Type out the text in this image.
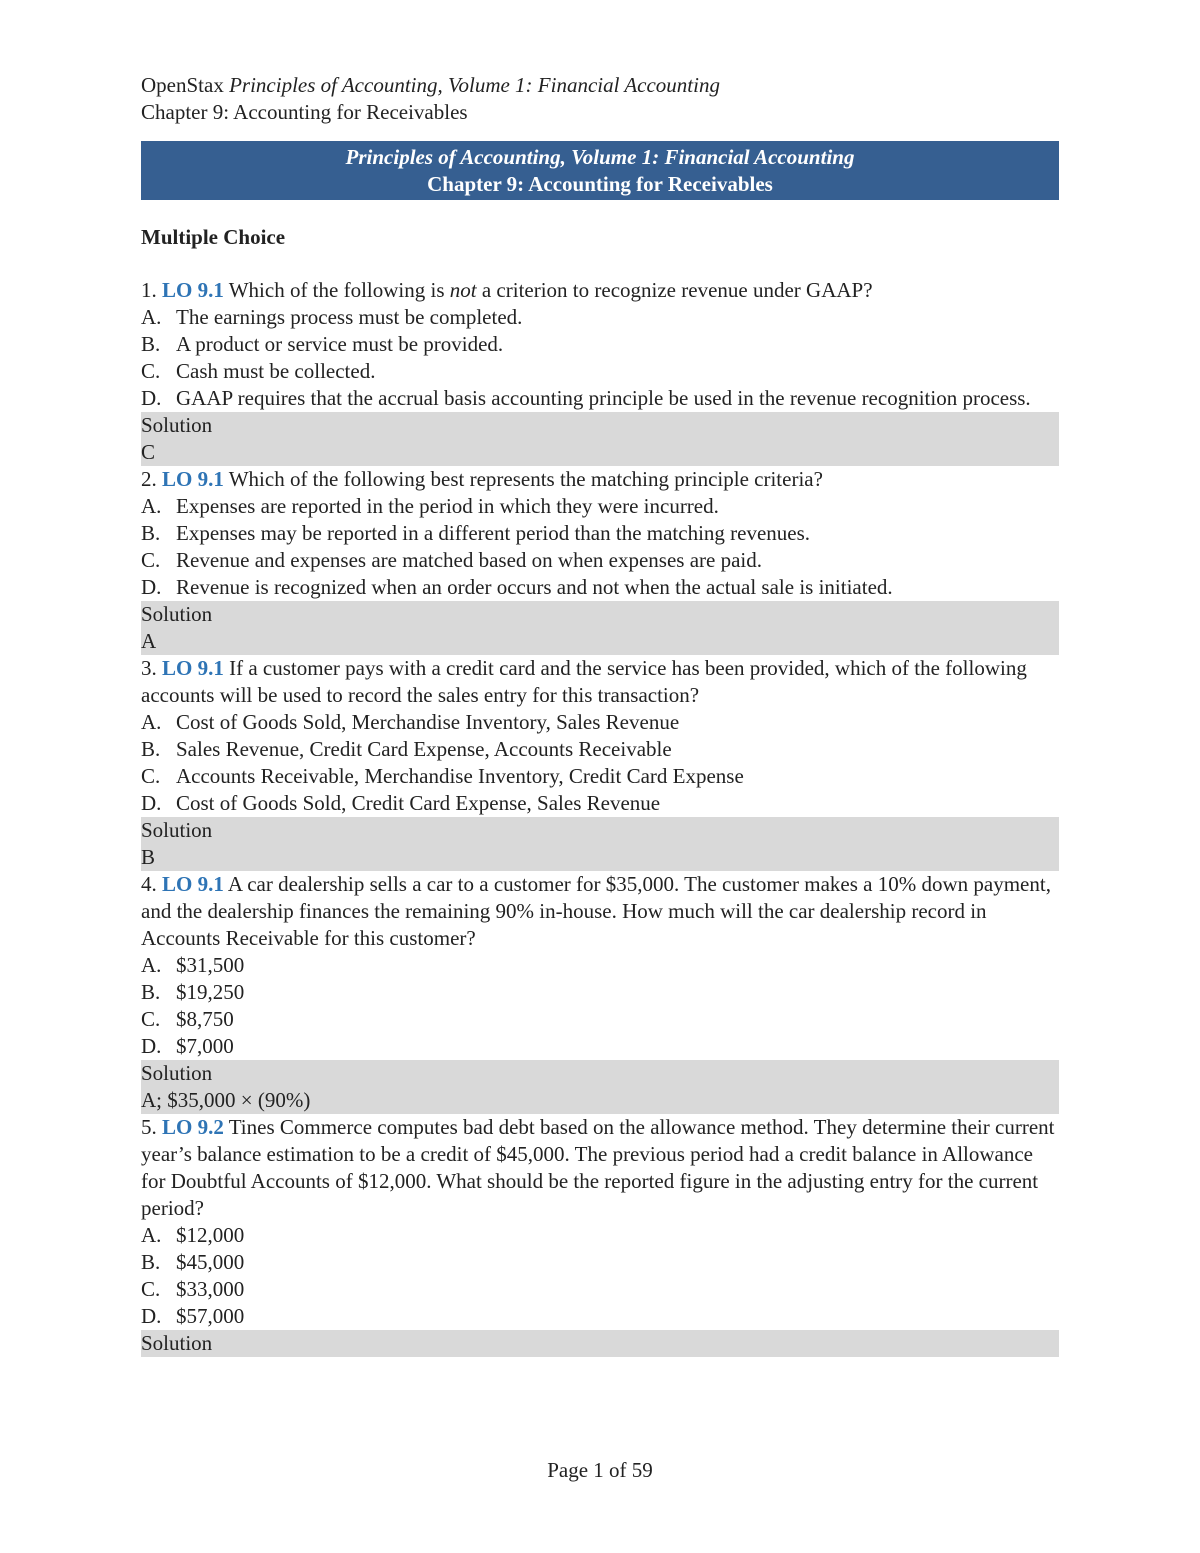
OpenStax Principles of Accounting, Volume 1: Financial Accounting
Chapter 9: Accounting for Receivables
Principles of Accounting, Volume 1: Financial Accounting
Chapter 9: Accounting for Receivables
Multiple Choice
1. LO 9.1 Which of the following is not a criterion to recognize revenue under GAAP?
A. The earnings process must be completed.
B. A product or service must be provided.
C. Cash must be collected.
D. GAAP requires that the accrual basis accounting principle be used in the revenue recognition process.
Solution
C
2. LO 9.1 Which of the following best represents the matching principle criteria?
A. Expenses are reported in the period in which they were incurred.
B. Expenses may be reported in a different period than the matching revenues.
C. Revenue and expenses are matched based on when expenses are paid.
D. Revenue is recognized when an order occurs and not when the actual sale is initiated.
Solution
A
3. LO 9.1 If a customer pays with a credit card and the service has been provided, which of the following accounts will be used to record the sales entry for this transaction?
A. Cost of Goods Sold, Merchandise Inventory, Sales Revenue
B. Sales Revenue, Credit Card Expense, Accounts Receivable
C. Accounts Receivable, Merchandise Inventory, Credit Card Expense
D. Cost of Goods Sold, Credit Card Expense, Sales Revenue
Solution
B
4. LO 9.1 A car dealership sells a car to a customer for $35,000. The customer makes a 10% down payment, and the dealership finances the remaining 90% in-house. How much will the car dealership record in Accounts Receivable for this customer?
A. $31,500
B. $19,250
C. $8,750
D. $7,000
Solution
A; $35,000 × (90%)
5. LO 9.2 Tines Commerce computes bad debt based on the allowance method. They determine their current year’s balance estimation to be a credit of $45,000. The previous period had a credit balance in Allowance for Doubtful Accounts of $12,000. What should be the reported figure in the adjusting entry for the current period?
A. $12,000
B. $45,000
C. $33,000
D. $57,000
Solution
Page 1 of 59
